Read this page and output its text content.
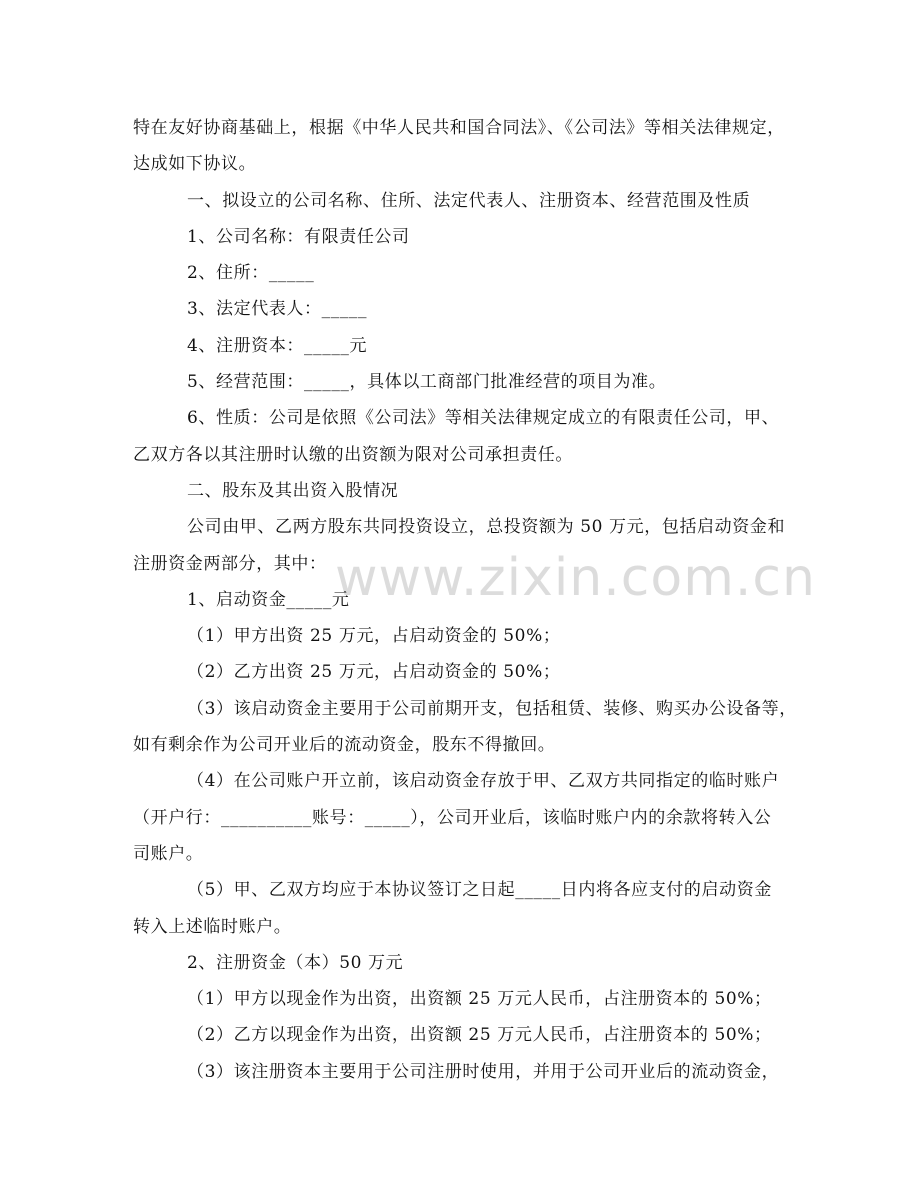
www.zixin.com.cn
特在友好协商基础上，根据《中华人民共和国合同法》、《公司法》等相关法律规定，
达成如下协议。
一、拟设立的公司名称、住所、法定代表人、注册资本、经营范围及性质
1、公司名称：有限责任公司
2、住所：_____
3、法定代表人：_____
4、注册资本：_____元
5、经营范围：_____，具体以工商部门批准经营的项目为准。
6、性质：公司是依照《公司法》等相关法律规定成立的有限责任公司，甲、
乙双方各以其注册时认缴的出资额为限对公司承担责任。
二、股东及其出资入股情况
公司由甲、乙两方股东共同投资设立，总投资额为 50 万元，包括启动资金和
注册资金两部分，其中：
1、启动资金_____元
（1）甲方出资 25 万元，占启动资金的 50%；
（2）乙方出资 25 万元，占启动资金的 50%；
（3）该启动资金主要用于公司前期开支，包括租赁、装修、购买办公设备等，
如有剩余作为公司开业后的流动资金，股东不得撤回。
（4）在公司账户开立前，该启动资金存放于甲、乙双方共同指定的临时账户
（开户行：__________账号：_____），公司开业后，该临时账户内的余款将转入公
司账户。
（5）甲、乙双方均应于本协议签订之日起_____日内将各应支付的启动资金
转入上述临时账户。
2、注册资金（本）50 万元
（1）甲方以现金作为出资，出资额 25 万元人民币，占注册资本的 50%；
（2）乙方以现金作为出资，出资额 25 万元人民币，占注册资本的 50%；
（3）该注册资本主要用于公司注册时使用，并用于公司开业后的流动资金，
